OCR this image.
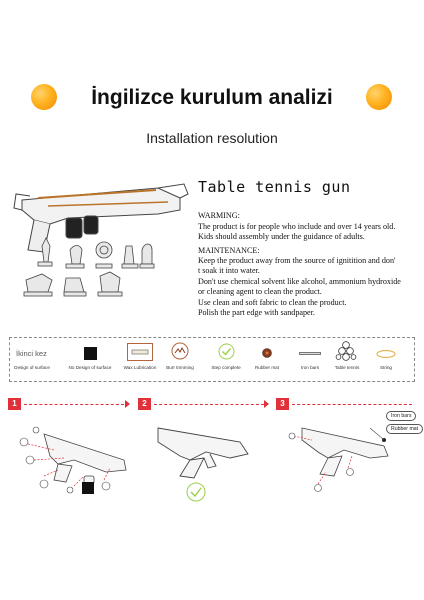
İngilizce kurulum analizi
Installation resolution
Table tennis gun
WARMING:
The product is for people who include and over 14 years old.
Kids should assembly under the guidance of adults.
MAINTENANCE:
Keep the product away from the source of ignitition and don'
t soak it into water.
Don't use chemical solvent like alcohol, ammonium hydroxide
or cleaning agent to clean the product.
Use clean and soft fabric to clean the product.
Polish the part edge with sandpaper.
İkinci kez
Design of surface	No Design of surface	Wax Lubrication	Burr trimming	Step complete	Rubber mat	Iron bars	Table tennis	String
1	2	3
Iron bars
Rubber mat
